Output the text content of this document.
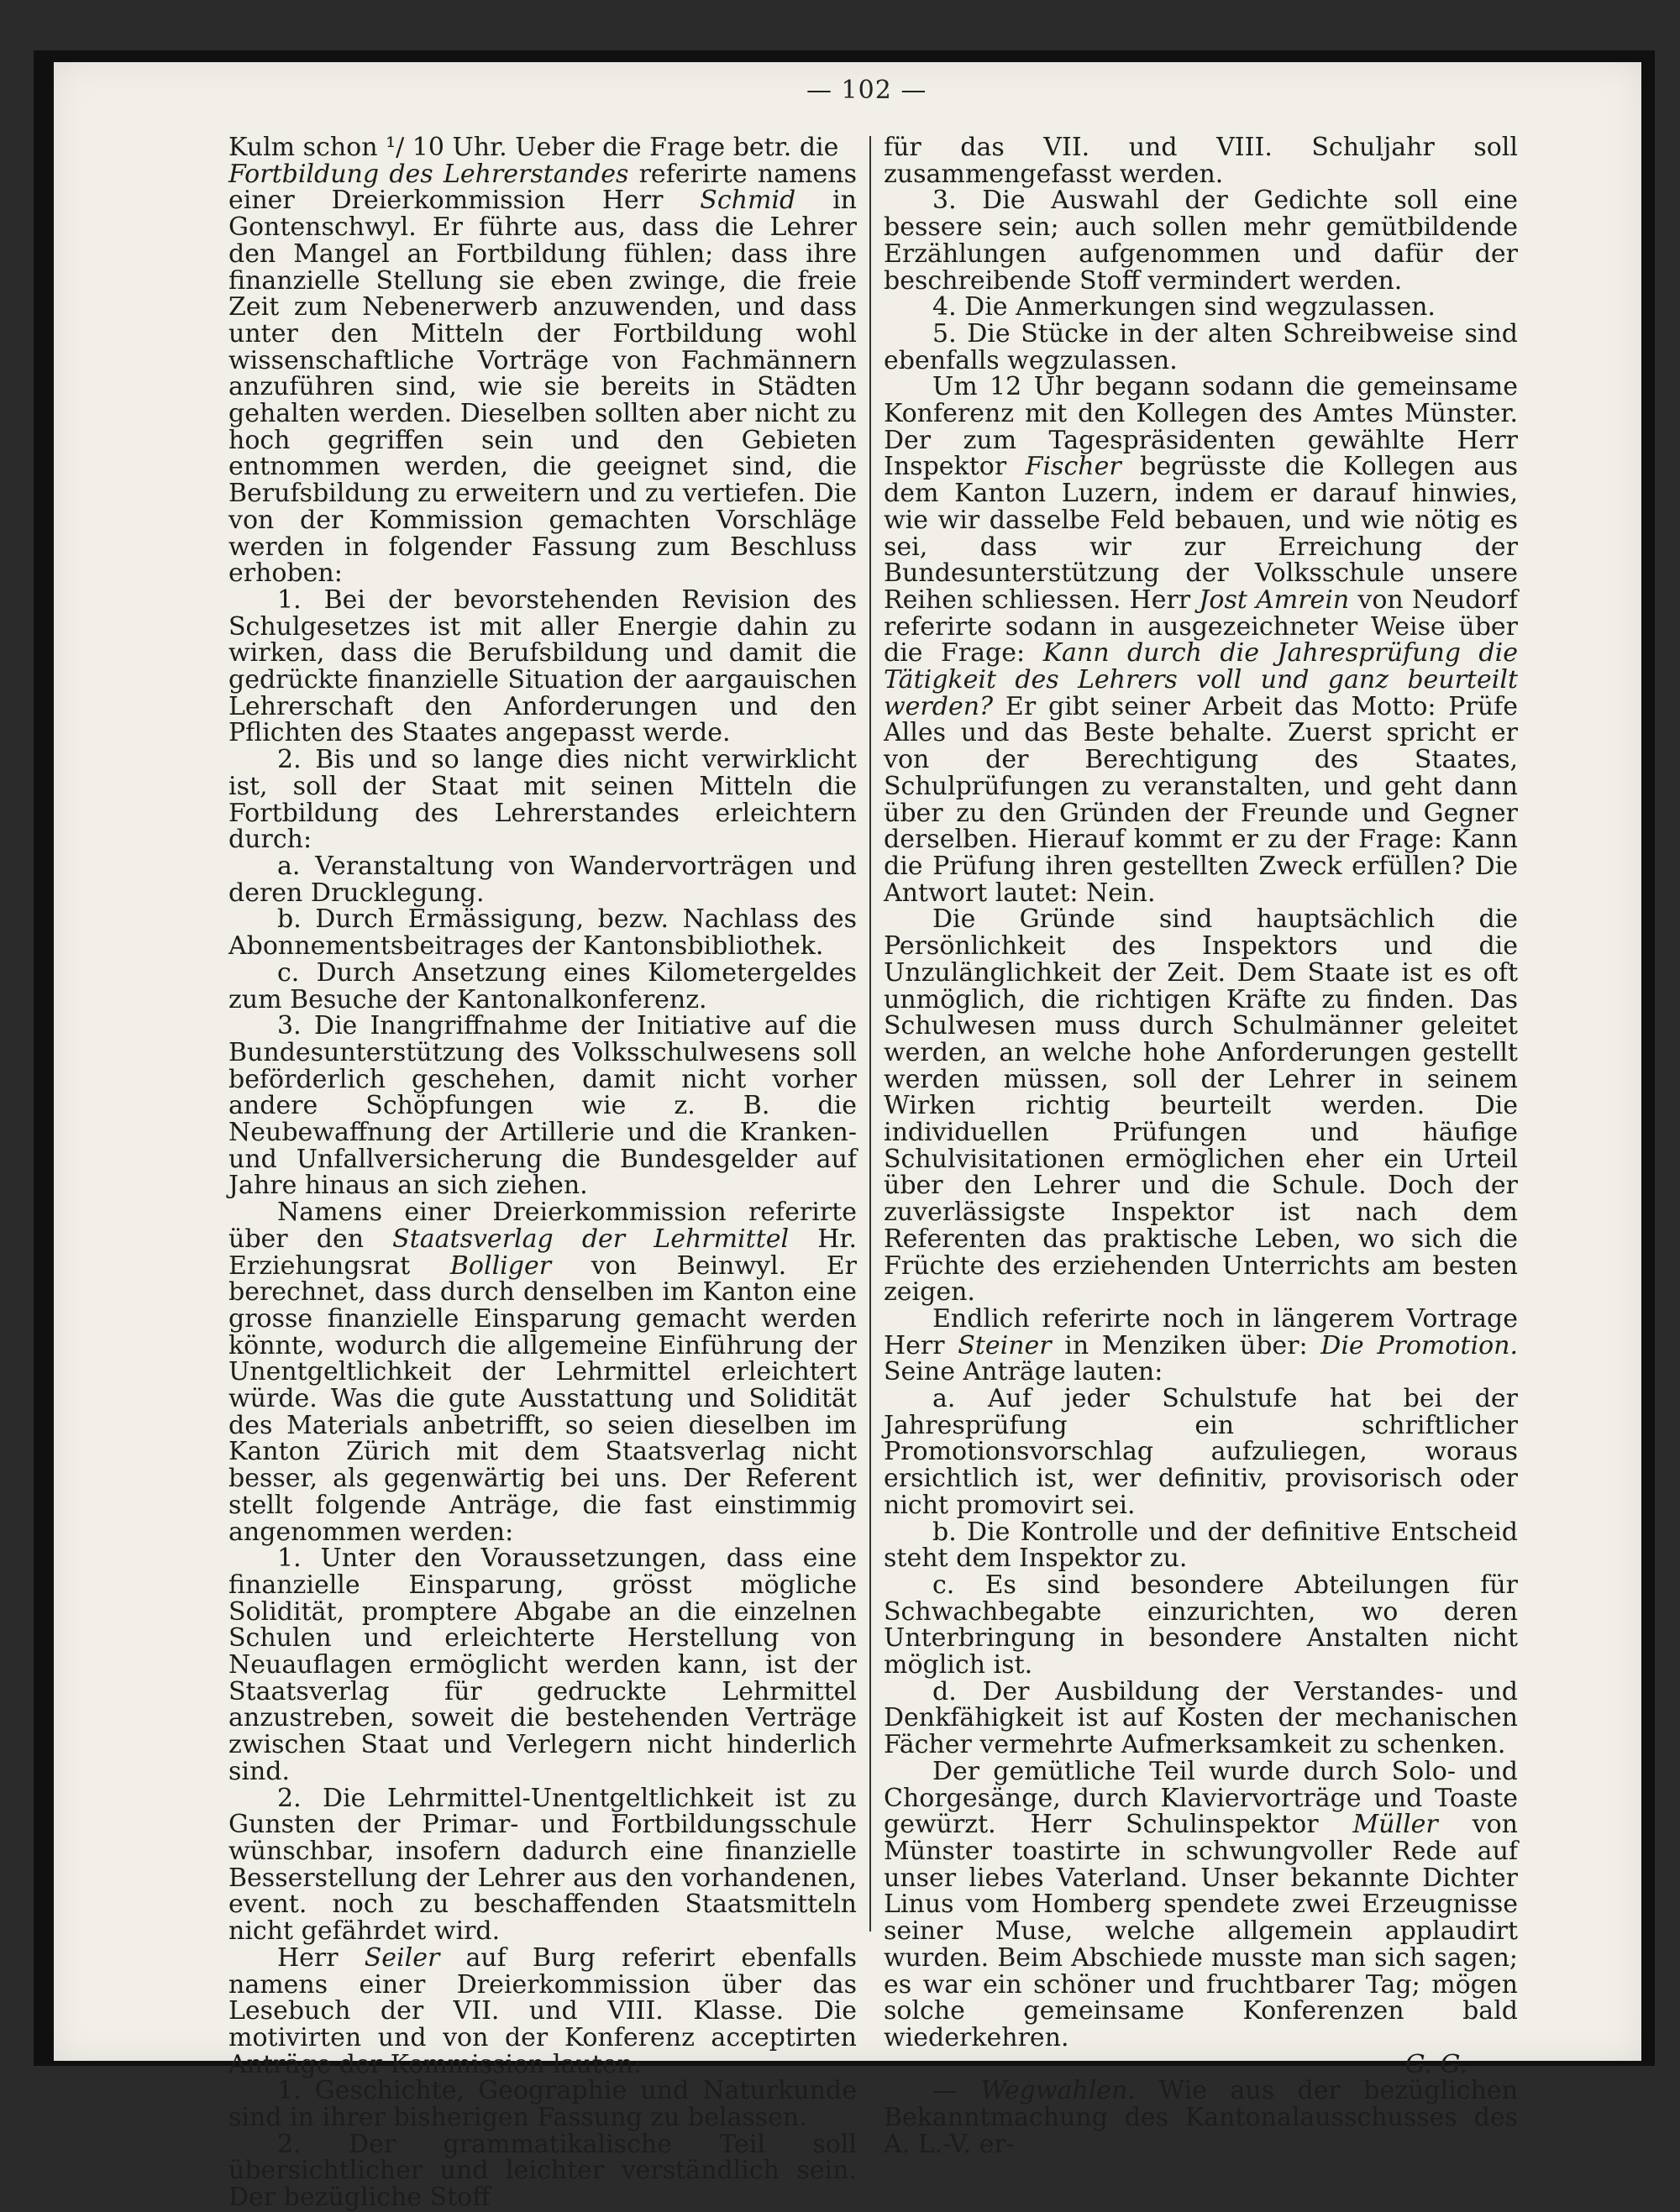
— 102 —

Kulm schon ¹/ 10 Uhr. Ueber die Frage betr. die

Fortbildung des Lehrerstandes referirte namens einer Dreierkommission Herr Schmid in Gontenschwyl. Er führte aus, dass die Lehrer den Mangel an Fortbildung fühlen; dass ihre finanzielle Stellung sie eben zwinge, die freie Zeit zum Nebenerwerb anzuwenden, und dass unter den Mitteln der Fortbildung wohl wissenschaftliche Vorträge von Fachmännern anzuführen sind, wie sie bereits in Städten gehalten werden. Dieselben sollten aber nicht zu hoch gegriffen sein und den Gebieten entnommen werden, die geeignet sind, die Berufsbildung zu erweitern und zu vertiefen. Die von der Kommission gemachten Vorschläge werden in folgender Fassung zum Beschluss erhoben:

1. Bei der bevorstehenden Revision des Schulgesetzes ist mit aller Energie dahin zu wirken, dass die Berufsbildung und damit die gedrückte finanzielle Situation der aargauischen Lehrerschaft den Anforderungen und den Pflichten des Staates angepasst werde.

2. Bis und so lange dies nicht verwirklicht ist, soll der Staat mit seinen Mitteln die Fortbildung des Lehrerstandes erleichtern durch:

a. Veranstaltung von Wandervorträgen und deren Drucklegung.

b. Durch Ermässigung, bezw. Nachlass des Abonnementsbeitrages der Kantonsbibliothek.

c. Durch Ansetzung eines Kilometergeldes zum Besuche der Kantonalkonferenz.

3. Die Inangriffnahme der Initiative auf die Bundesunterstützung des Volksschulwesens soll beförderlich geschehen, damit nicht vorher andere Schöpfungen wie z. B. die Neubewaffnung der Artillerie und die Kranken- und Unfallversicherung die Bundesgelder auf Jahre hinaus an sich ziehen.

Namens einer Dreierkommission referirte über den Staatsverlag der Lehrmittel Hr. Erziehungsrat Bolliger von Beinwyl. Er berechnet, dass durch denselben im Kanton eine grosse finanzielle Einsparung gemacht werden könnte, wodurch die allgemeine Einführung der Unentgeltlichkeit der Lehrmittel erleichtert würde. Was die gute Ausstattung und Solidität des Materials anbetrifft, so seien dieselben im Kanton Zürich mit dem Staatsverlag nicht besser, als gegenwärtig bei uns. Der Referent stellt folgende Anträge, die fast einstimmig angenommen werden:

1. Unter den Voraussetzungen, dass eine finanzielle Einsparung, grösst mögliche Solidität, promptere Abgabe an die einzelnen Schulen und erleichterte Herstellung von Neuauflagen ermöglicht werden kann, ist der Staatsverlag für gedruckte Lehrmittel anzustreben, soweit die bestehenden Verträge zwischen Staat und Verlegern nicht hinderlich sind.

2. Die Lehrmittel-Unentgeltlichkeit ist zu Gunsten der Primar- und Fortbildungsschule wünschbar, insofern dadurch eine finanzielle Besserstellung der Lehrer aus den vorhandenen, event. noch zu beschaffenden Staatsmitteln nicht gefährdet wird.

Herr Seiler auf Burg referirt ebenfalls namens einer Dreierkommission über das Lesebuch der VII. und VIII. Klasse. Die motivirten und von der Konferenz acceptirten Anträge der Kommission lauten:

1. Geschichte, Geographie und Naturkunde sind in ihrer bisherigen Fassung zu belassen.

2. Der grammatikalische Teil soll übersichtlicher und leichter verständlich sein. Der bezügliche Stoff

für das VII. und VIII. Schuljahr soll zusammengefasst werden.

3. Die Auswahl der Gedichte soll eine bessere sein; auch sollen mehr gemütbildende Erzählungen aufgenommen und dafür der beschreibende Stoff vermindert werden.

4. Die Anmerkungen sind wegzulassen.

5. Die Stücke in der alten Schreibweise sind ebenfalls wegzulassen.

Um 12 Uhr begann sodann die gemeinsame Konferenz mit den Kollegen des Amtes Münster. Der zum Tagespräsidenten gewählte Herr Inspektor Fischer begrüsste die Kollegen aus dem Kanton Luzern, indem er darauf hinwies, wie wir dasselbe Feld bebauen, und wie nötig es sei, dass wir zur Erreichung der Bundesunterstützung der Volksschule unsere Reihen schliessen. Herr Jost Amrein von Neudorf referirte sodann in ausgezeichneter Weise über die Frage: Kann durch die Jahresprüfung die Tätigkeit des Lehrers voll und ganz beurteilt werden? Er gibt seiner Arbeit das Motto: Prüfe Alles und das Beste behalte. Zuerst spricht er von der Berechtigung des Staates, Schulprüfungen zu veranstalten, und geht dann über zu den Gründen der Freunde und Gegner derselben. Hierauf kommt er zu der Frage: Kann die Prüfung ihren gestellten Zweck erfüllen? Die Antwort lautet: Nein.

Die Gründe sind hauptsächlich die Persönlichkeit des Inspektors und die Unzulänglichkeit der Zeit. Dem Staate ist es oft unmöglich, die richtigen Kräfte zu finden. Das Schulwesen muss durch Schulmänner geleitet werden, an welche hohe Anforderungen gestellt werden müssen, soll der Lehrer in seinem Wirken richtig beurteilt werden. Die individuellen Prüfungen und häufige Schulvisitationen ermöglichen eher ein Urteil über den Lehrer und die Schule. Doch der zuverlässigste Inspektor ist nach dem Referenten das praktische Leben, wo sich die Früchte des erziehenden Unterrichts am besten zeigen.

Endlich referirte noch in längerem Vortrage Herr Steiner in Menziken über: Die Promotion. Seine Anträge lauten:

a. Auf jeder Schulstufe hat bei der Jahresprüfung ein schriftlicher Promotionsvorschlag aufzuliegen, woraus ersichtlich ist, wer definitiv, provisorisch oder nicht promovirt sei.

b. Die Kontrolle und der definitive Entscheid steht dem Inspektor zu.

c. Es sind besondere Abteilungen für Schwachbegabte einzurichten, wo deren Unterbringung in besondere Anstalten nicht möglich ist.

d. Der Ausbildung der Verstandes- und Denkfähigkeit ist auf Kosten der mechanischen Fächer vermehrte Aufmerksamkeit zu schenken.

Der gemütliche Teil wurde durch Solo- und Chorgesänge, durch Klaviervorträge und Toaste gewürzt. Herr Schulinspektor Müller von Münster toastirte in schwungvoller Rede auf unser liebes Vaterland. Unser bekannte Dichter Linus vom Homberg spendete zwei Erzeugnisse seiner Muse, welche allgemein applaudirt wurden. Beim Abschiede musste man sich sagen; es war ein schöner und fruchtbarer Tag; mögen solche gemeinsame Konferenzen bald wiederkehren.

G. G.

— Wegwahlen. Wie aus der bezüglichen Bekanntmachung des Kantonalausschusses des A. L.-V. er-
